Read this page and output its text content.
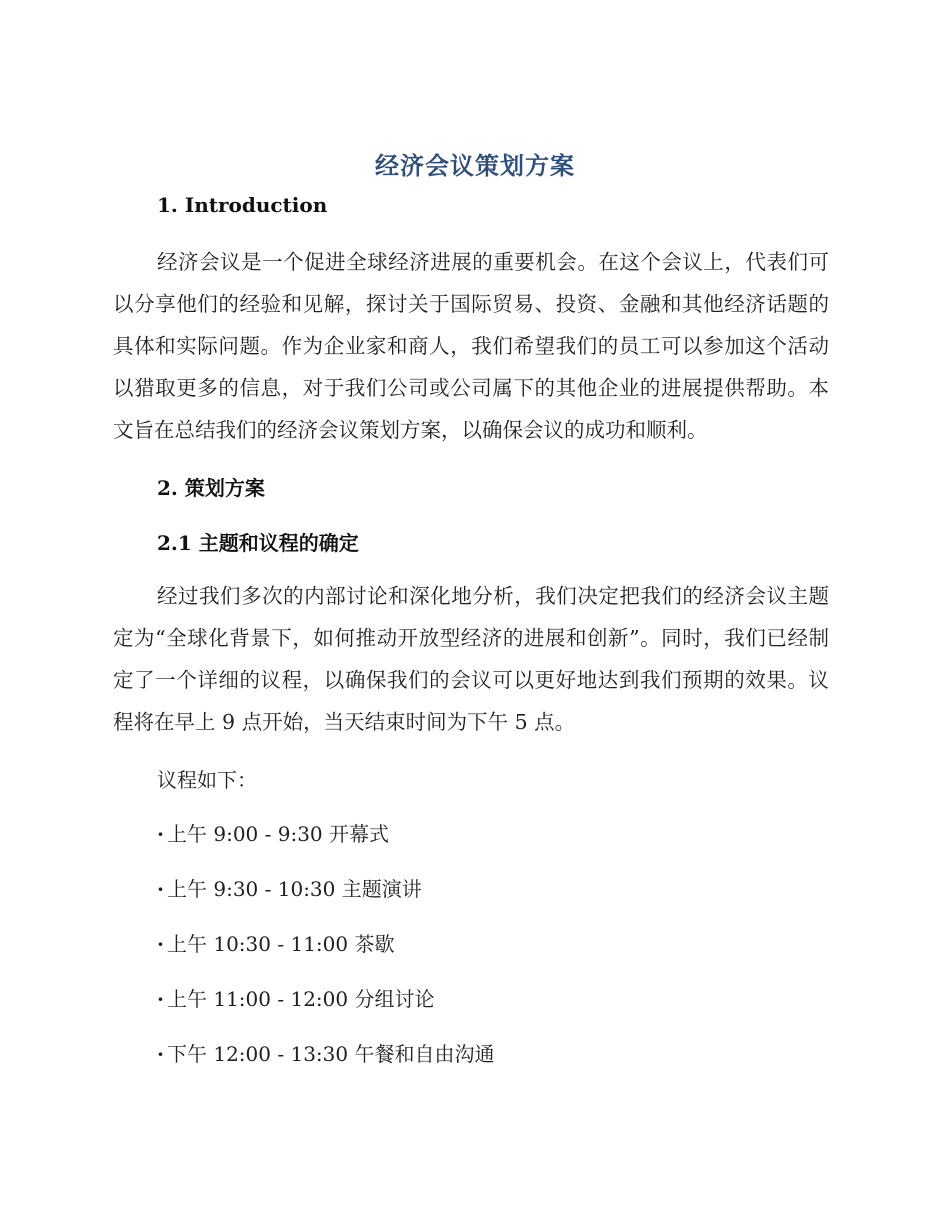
经济会议策划方案
1. Introduction
经济会议是一个促进全球经济进展的重要机会。在这个会议上，代表们可以分享他们的经验和见解，探讨关于国际贸易、投资、金融和其他经济话题的具体和实际问题。作为企业家和商人，我们希望我们的员工可以参加这个活动以猎取更多的信息，对于我们公司或公司属下的其他企业的进展提供帮助。本文旨在总结我们的经济会议策划方案，以确保会议的成功和顺利。
2. 策划方案
2.1 主题和议程的确定
经过我们多次的内部讨论和深化地分析，我们决定把我们的经济会议主题定为“全球化背景下，如何推动开放型经济的进展和创新”。同时，我们已经制定了一个详细的议程，以确保我们的会议可以更好地达到我们预期的效果。议程将在早上 9 点开始，当天结束时间为下午 5 点。
议程如下：
· 上午 9:00 - 9:30 开幕式
· 上午 9:30 - 10:30 主题演讲
· 上午 10:30 - 11:00 茶歇
· 上午 11:00 - 12:00 分组讨论
· 下午 12:00 - 13:30 午餐和自由沟通
